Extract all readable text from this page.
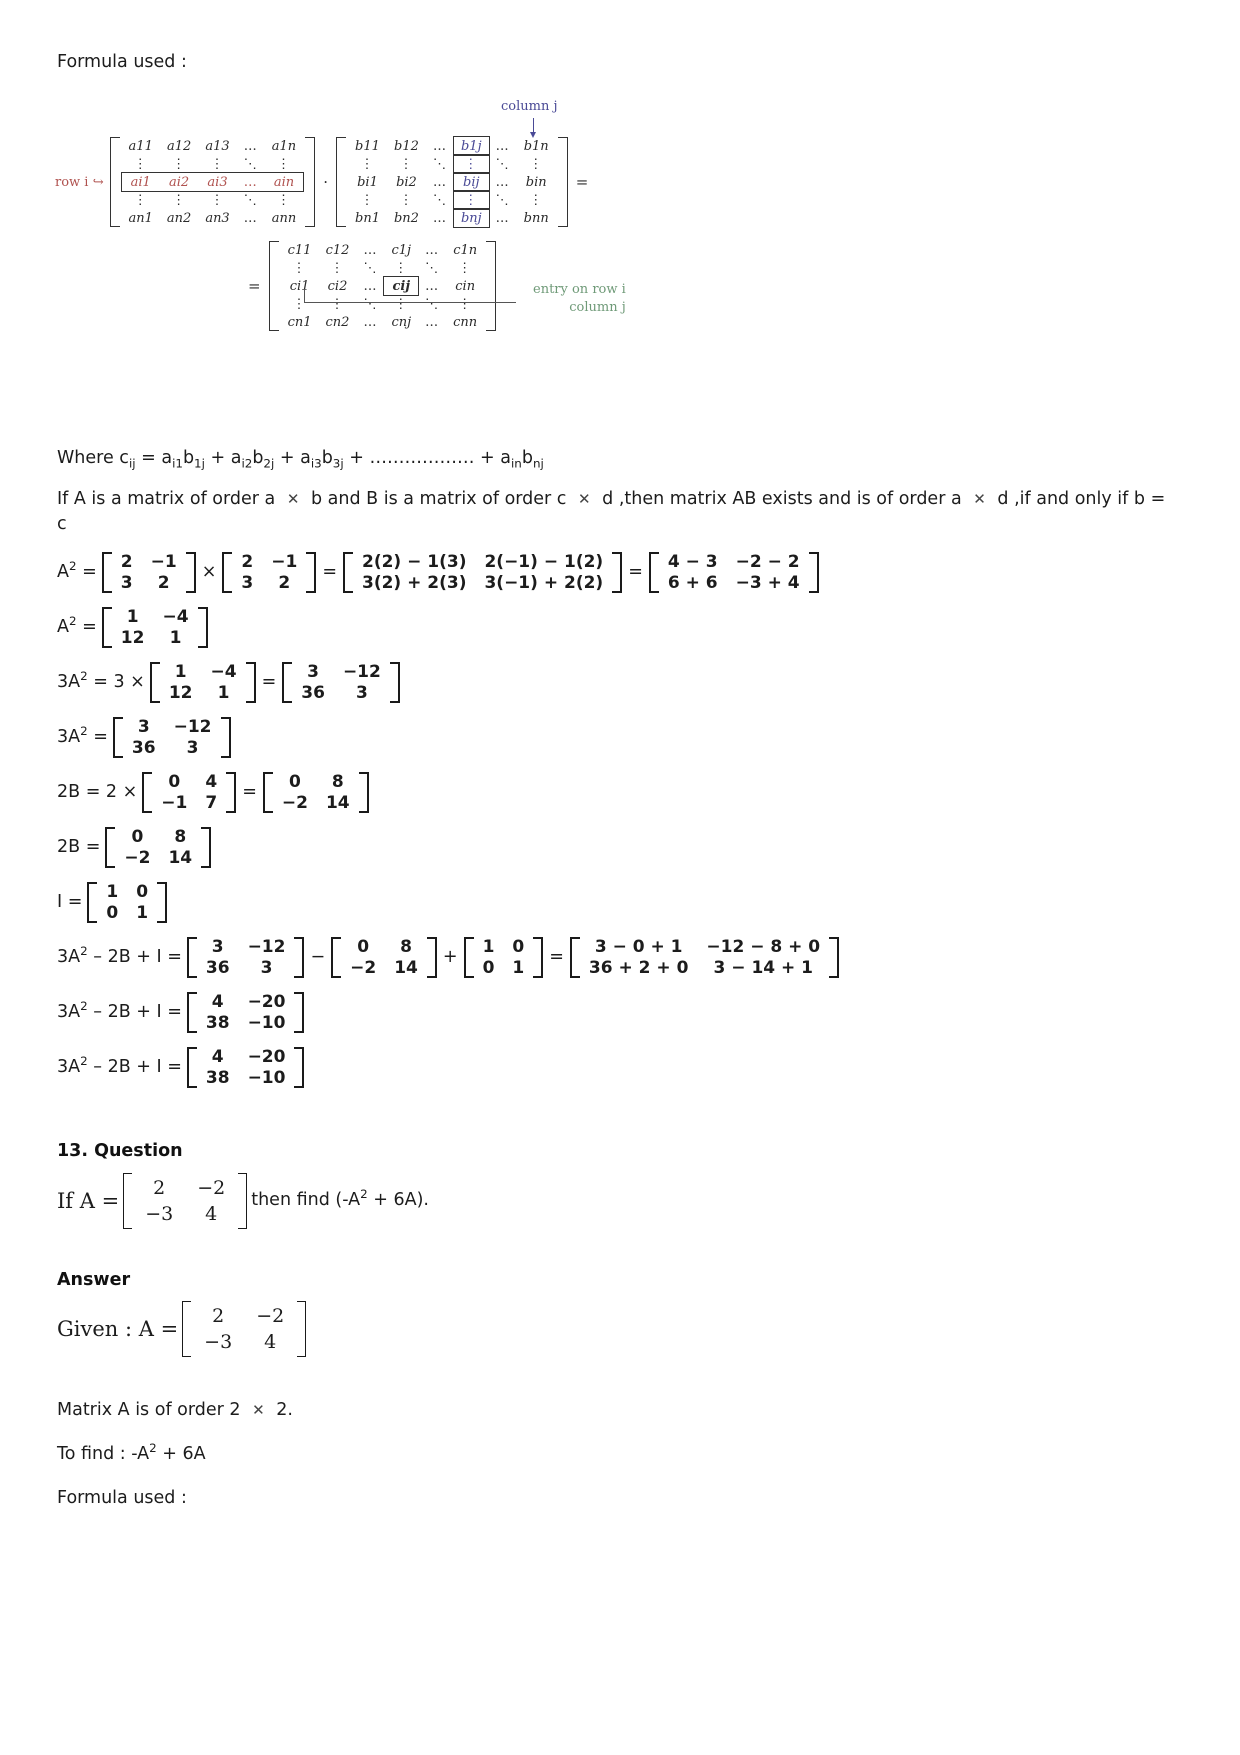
Formula used :
column j
row i ↪
a11	a12	a13	…	a1n
⋮	⋮	⋮	⋱	⋮
ai1	ai2	ai3	…	ain
⋮	⋮	⋮	⋱	⋮
an1	an2	an3	…	ann
·
b11	b12	…	b1j	…	b1n
⋮	⋮	⋱	⋮	⋱	⋮
bi1	bi2	…	bij	…	bin
⋮	⋮	⋱	⋮	⋱	⋮
bn1	bn2	…	bnj	…	bnn
=
=
c11	c12	…	c1j	…	c1n
⋮	⋮	⋱	⋮	⋱	⋮
ci1	ci2	…	cij	…	cin
⋮	⋮	⋱	⋮	⋱	⋮
cn1	cn2	…	cnj	…	cnn
entry on row i
column j
Where $c_{ij} = a_{i1}b_{1j} + a_{i2}b_{2j} + a_{i3}b_{3j}$ + ……………… + $a_{in}b_{nj}$
If A is a matrix of order a ✕ b and B is a matrix of order c ✕ d ,then matrix AB exists and is of order a ✕ d ,if and only if b = c
$A^2 = 2$	−1
3	2
×	2	−1
3	2
=	2(2) − 1(3)	2(−1) − 1(2)
3(2) + 2(3)	3(−1) + 2(2)
=	4 − 3	−2 − 2
6 + 6	−3 + 4
$A^2 = 1$	−4
12	1
$3A^2 = 3 \times 1$	−4
12	1
=	3	−12
36	3
$3A^2 = 3$	−12
36	3
2B = 2 × 0	4
−1	7
=	0	8
−2	14
2B = 0	8
−2	14
I = 1	0
0	1
$3A^2 - 2B + I = 3$	−12
36	3
−	0	8
−2	14
+	1	0
0	1
=	3 − 0 + 1	−12 − 8 + 0
36 + 2 + 0	3 − 14 + 1
$3A^2 - 2B + I = 4$	−20
38	−10
$3A^2 - 2B + I = 4$	−20
38	−10
13. Question
If A =
2	−2
−3	4
then find $(-A^2 + 6A)$.
Answer
Given : A =
2	−2
−3	4
Matrix A is of order 2 ✕ 2.
To find : $-A^2 + 6A$
Formula used :
